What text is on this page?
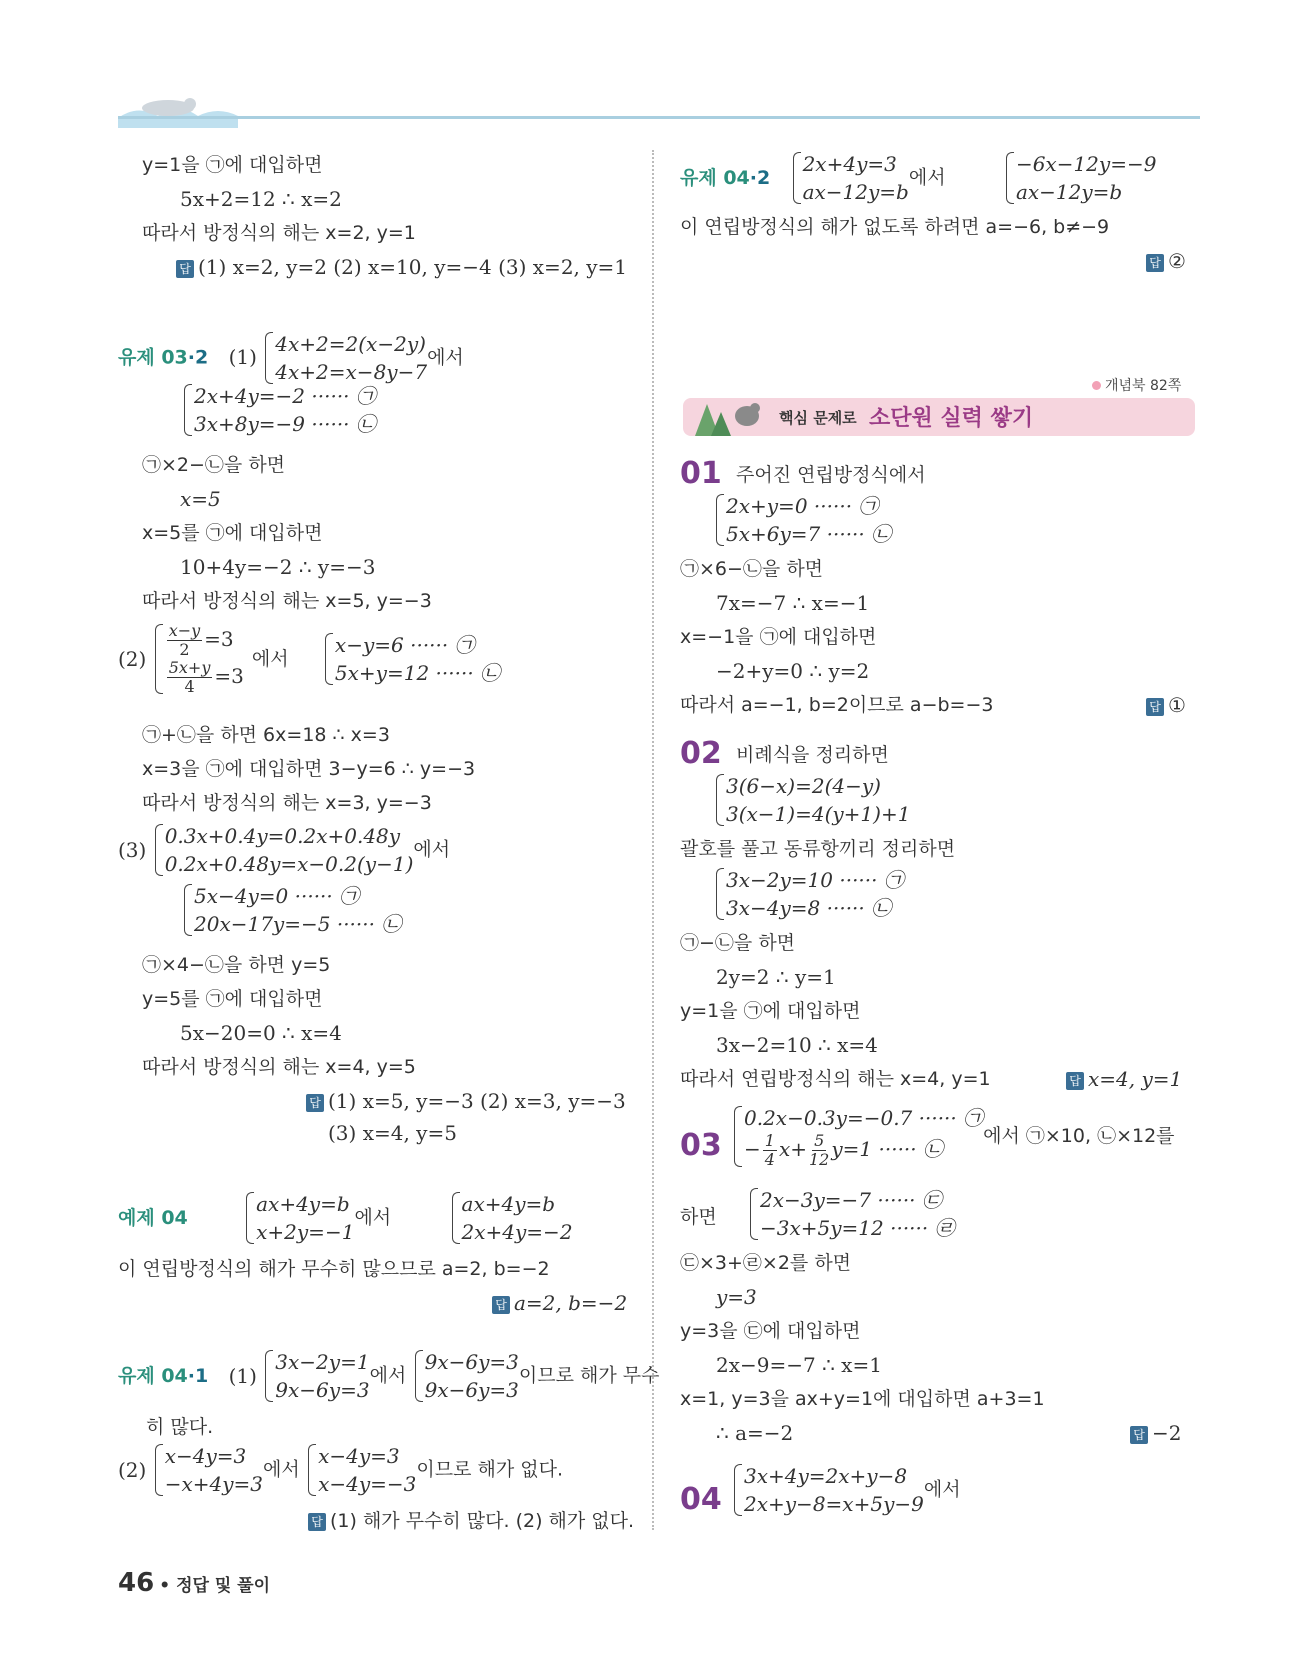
y=1을 ㉠에 대입하면
5x+2=12 ∴ x=2
따라서 방정식의 해는 x=2, y=1
답 (1) x=2, y=2 (2) x=10, y=−4 (3) x=2, y=1
유제 03·2 (1)
4x+2=2(x−2y)
4x+2=x−8y−7
에서
2x+4y=−2 ······ ㉠
3x+8y=−9 ······ ㉡
㉠×2−㉡을 하면
x=5
x=5를 ㉠에 대입하면
10+4y=−2 ∴ y=−3
따라서 방정식의 해는 x=5, y=−3
$(2) \frac{x-y}{2} =3$
$\frac{5x+y}{4} =3$
에서
x−y=6 ······ ㉠
5x+y=12 ······ ㉡
㉠+㉡을 하면 6x=18 ∴ x=3
x=3을 ㉠에 대입하면 3−y=6 ∴ y=−3
따라서 방정식의 해는 x=3, y=−3
(3)
0.3x+0.4y=0.2x+0.48y
0.2x+0.48y=x−0.2(y−1)
에서
5x−4y=0 ······ ㉠
20x−17y=−5 ······ ㉡
㉠×4−㉡을 하면 y=5
y=5를 ㉠에 대입하면
5x−20=0 ∴ x=4
따라서 방정식의 해는 x=4, y=5
답 (1) x=5, y=−3 (2) x=3, y=−3
(3) x=4, y=5
예제 04
ax+4y=b
x+2y=−1
에서
ax+4y=b
2x+4y=−2
이 연립방정식의 해가 무수히 많으므로 a=2, b=−2
답 a=2, b=−2
유제 04·1 (1)
3x−2y=1
9x−6y=3
에서
9x−6y=3
9x−6y=3
이므로 해가 무수
히 많다.
(2)
x−4y=3
−x+4y=3
에서
x−4y=3
x−4y=−3
이므로 해가 없다.
답 (1) 해가 무수히 많다. (2) 해가 없다.
유제 04·2
2x+4y=3
ax−12y=b
에서
−6x−12y=−9
ax−12y=b
이 연립방정식의 해가 없도록 하려면 a=−6, b≠−9
답 ②
개념북 82쪽
핵심 문제로 소단원 실력 쌓기
01 주어진 연립방정식에서
2x+y=0 ······ ㉠
5x+6y=7 ······ ㉡
㉠×6−㉡을 하면
7x=−7 ∴ x=−1
x=−1을 ㉠에 대입하면
−2+y=0 ∴ y=2
따라서 a=−1, b=2이므로 a−b=−3	답 ①
02 비례식을 정리하면
3(6−x)=2(4−y)
3(x−1)=4(y+1)+1
괄호를 풀고 동류항끼리 정리하면
3x−2y=10 ······ ㉠
3x−4y=8 ······ ㉡
㉠−㉡을 하면
2y=2 ∴ y=1
y=1을 ㉠에 대입하면
3x−2=10 ∴ x=4
따라서 연립방정식의 해는 x=4, y=1	답 x=4, y=1
03
0.2x−0.3y=−0.7 ······ ㉠
− $\frac{1}{4} x+ \frac{5}{12} y=1$ ······ ㉡
에서 ㉠×10, ㉡×12를
하면
2x−3y=−7 ······ ㉢
−3x+5y=12 ······ ㉣
㉢×3+㉣×2를 하면
y=3
y=3을 ㉢에 대입하면
2x−9=−7 ∴ x=1
x=1, y=3을 ax+y=1에 대입하면 a+3=1
∴ a=−2	답 −2
04
3x+4y=2x+y−8
2x+y−8=x+5y−9
에서
46 • 정답 및 풀이
